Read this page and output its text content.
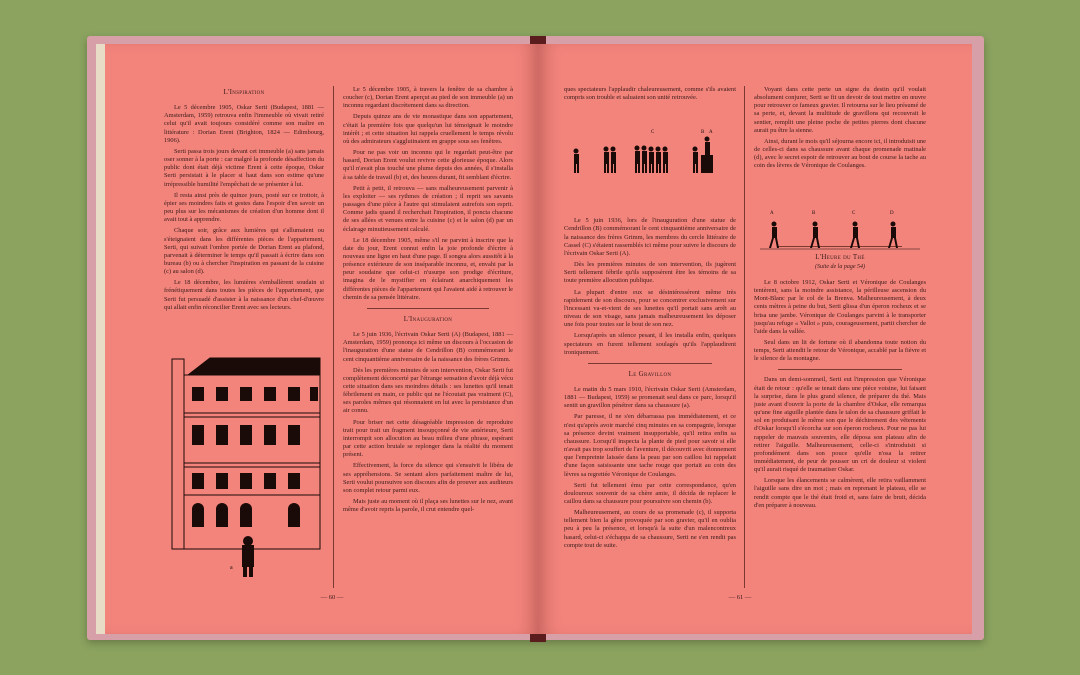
L'Inspiration

Le 5 décembre 1905, Oskar Serti (Budapest, 1881 — Amsterdam, 1959) retrouva enfin l'immeuble où vivait retiré celui qu'il avait toujours considéré comme son maître en littérature : Dorian Erent (Brighton, 1824 — Edimbourg, 1906).

Serti passa trois jours devant cet immeuble (a) sans jamais oser sonner à la porte : car malgré la profonde désaffection du public dont était déjà victime Erent à cette époque, Oskar Serti persistait à le placer si haut dans son estime qu'une irrépressible humilité l'empêchait de se présenter à lui.

Il resta ainsi près de quinze jours, posté sur ce trottoir, à épier ses moindres faits et gestes dans l'espoir d'en savoir un peu plus sur les mécanismes de création d'un homme dont il avait tout à apprendre.

Chaque soir, grâce aux lumières qui s'allumaient ou s'éteignaient dans les différentes pièces de l'appartement, Serti, qui suivait l'ombre portée de Dorian Erent au plafond, parvenait à déterminer le temps qu'il passait à écrire dans son bureau (b) ou à chercher l'inspiration en passant de la cuisine (c) au salon (d).

Le 18 décembre, les lumières s'emballèrent soudain si frénétiquement dans toutes les pièces de l'appartement, que Serti fut persuadé d'assister à la naissance d'un chef-d'œuvre qui allait enfin réconcilier Erent avec ses lecteurs.

a

Le 5 décembre 1905, à travers la fenêtre de sa chambre à coucher (c), Dorian Erent aperçut au pied de son immeuble (a) un inconnu regardant discrètement dans sa direction.

Depuis quinze ans de vie monastique dans son appartement, c'était la première fois que quelqu'un lui témoignait le moindre intérêt ; et cette situation lui rappela cruellement le temps révolu où des admirateurs s'agglutinaient en grappe sous ses fenêtres.

Pour ne pas voir un inconnu qui le regardait peut-être par hasard, Dorian Erent voulut revivre cette glorieuse époque. Alors qu'il n'avait plus touché une plume depuis des années, il s'installa à sa table de travail (b) et, des heures durant, fit semblant d'écrire.

Petit à petit, il retrouva — sans malheureusement parvenir à les exploiter — ses rythmes de création ; il reprit ses savants passages d'une pièce à l'autre qui stimulaient autrefois son esprit. Comme jadis quand il recherchait l'inspiration, il poncta chacune de ses allées et venues entre la cuisine (c) et le salon (d) par un éclairage minutieusement calculé.

Le 18 décembre 1905, même s'il ne parvint à inscrire que la date du jour, Erent connut enfin la joie profonde d'écrire à nouveau une ligne en haut d'une page. Il songea alors aussitôt à la présence extérieure de son inséparable inconnu, et, envahi par la peur soudaine que celui-ci n'usurpe son prodige d'écriture, imagina de le mystifier en éclairant anarchiquement les différentes pièces de l'appartement qui l'avaient aidé à retrouver le chemin de sa pensée littéraire.

L'Inauguration

Le 5 juin 1936, l'écrivain Oskar Serti (A) (Budapest, 1881 — Amsterdam, 1959) prononça ici même un discours à l'occasion de l'inauguration d'une statue de Cendrillon (B) commémorant le cent cinquantième anniversaire de la naissance des frères Grimm.

Dès les premières minutes de son intervention, Oskar Serti fut complètement déconcerté par l'étrange sensation d'avoir déjà vécu cette situation dans ses moindres détails : ses lunettes qu'il tenait fébrilement en main, ce public qui ne l'écoutait pas vraiment (C), ses paroles mêmes qui résonnaient en lui avec la persistance d'un air connu.

Pour briser net cette désagréable impression de reproduire trait pour trait un fragment insoupçonné de vie antérieure, Serti interrompit son allocution au beau milieu d'une phrase, espérant par cette action brutale se replonger dans la réalité du moment présent.

Effectivement, la force du silence qui s'ensuivit le libéra de ses appréhensions. Se sentant alors parfaitement maître de lui, Serti voulut poursuivre son discours afin de prouver aux auditeurs son complet retour parmi eux.

Mais juste au moment où il plaça ses lunettes sur le nez, avant même d'avoir repris la parole, il crut entendre quel-

— 60 —

ques spectateurs l'applaudir chaleureusement, comme s'ils avaient compris son trouble et saluaient son unité retrouvée.

Le 5 juin 1936, lors de l'inauguration d'une statue de Cendrillon (B) commémorant le cent cinquantième anniversaire de la naissance des frères Grimm, les membres du cercle littéraire de Cassel (C) s'étaient rassemblés ici même pour suivre le discours de l'écrivain Oskar Serti (A).

Dès les premières minutes de son intervention, ils jugèrent Serti tellement fébrile qu'ils supposèrent être les témoins de sa toute première allocution publique.

La plupart d'entre eux se désintéressèrent même très rapidement de son discours, pour se concentrer exclusivement sur l'incessant va-et-vient de ses lunettes qu'il portait sans arrêt au niveau de son visage, sans jamais malheureusement les déposer une fois pour toutes sur le bout de son nez.

Lorsqu'après un silence pesant, il les installa enfin, quelques spectateurs en furent tellement soulagés qu'ils l'applaudirent ironiquement.

Le Gravillon

Le matin du 5 mars 1910, l'écrivain Oskar Serti (Amsterdam, 1881 — Budapest, 1959) se promenait seul dans ce parc, lorsqu'il sentit un gravillon pénétrer dans sa chaussure (a).

Par paresse, il ne s'en débarrassa pas immédiatement, et ce n'est qu'après avoir marché cinq minutes en sa compagnie, lorsque sa présence devint vraiment insupportable, qu'il retira enfin sa chaussure. Lorsqu'il inspecta la plante de pied pour savoir si elle n'avait pas trop souffert de l'aventure, il découvrit avec étonnement que l'empreinte laissée dans la peau par son caillou lui rappelait d'une façon saisissante une tache rouge que portait au coin des lèvres sa regrettée Véronique de Coulanges.

Serti fut tellement ému par cette correspondance, qu'en douloureux souvenir de sa chère amie, il décida de replacer le caillou dans sa chaussure pour poursuivre son chemin (b).

Malheureusement, au cours de sa promenade (c), il supporta tellement bien la gêne provoquée par son gravier, qu'il en oublia peu à peu la présence, et lorsqu'à la suite d'un malencontreux hasard, celui-ci s'échappa de sa chaussure, Serti ne s'en rendit pas compte tout de suite.

C	B A

Voyant dans cette perte un signe du destin qu'il voulait absolument conjurer, Serti se fit un devoir de tout mettre en œuvre pour retrouver ce fameux gravier. Il retourna sur le lieu présumé de sa perte, et, devant la multitude de gravillons qui recouvrait le sentier, remplit une pleine poche de petites pierres dont chacune aurait pu être la sienne.

Ainsi, durant le mois qu'il séjourna encore ici, il introduisit une de celles-ci dans sa chaussure avant chaque promenade matinale (d), avec le secret espoir de retrouver au bout de course la tache au coin des lèvres de Véronique de Coulanges.

L'Heure du Thé
(Suite de la page 54)

Le 8 octobre 1912, Oskar Serti et Véronique de Coulanges tentèrent, sans la moindre assistance, la périlleuse ascension du Mont-Blanc par le col de la Brenva. Malheureusement, à deux cents mètres à peine du but, Serti glissa d'un éperon rocheux et se brisa une jambe. Véronique de Coulanges parvint à le transporter jusqu'au refuge « Vallot » puis, courageusement, partit chercher de l'aide dans la vallée.

Seul dans un lit de fortune où il abandonna toute notion du temps, Serti attendit le retour de Véronique, accablé par la fièvre et le silence de la montagne.

Dans un demi-sommeil, Serti eut l'impression que Véronique était de retour : qu'elle se tenait dans une pièce voisine, lui faisant la surprise, dans le plus grand silence, de préparer du thé. Mais juste avant d'ouvrir la porte de la chambre d'Oskar, elle remarqua qu'une fine aiguille plantée dans le talon de sa chaussure griffait le sol en produisant le même son que le déchirement des vêtements d'Oskar lorsqu'il s'écorcha sur son éperon rocheux. Pour ne pas lui rappeler de mauvais souvenirs, elle déposa son plateau afin de retirer l'aiguille. Malheureusement, celle-ci s'introduisit si profondément dans son pouce qu'elle n'osa la retirer immédiatement, de peur de pousser un cri de douleur si violent qu'il aurait risqué de traumatiser Oskar.

Lorsque les élancements se calmèrent, elle retira vaillamment l'aiguille sans dire un mot ; mais en reprenant le plateau, elle se rendit compte que le thé était froid et, sans faire de bruit, décida d'en préparer à nouveau.

A	B	C	D
— 61 —
